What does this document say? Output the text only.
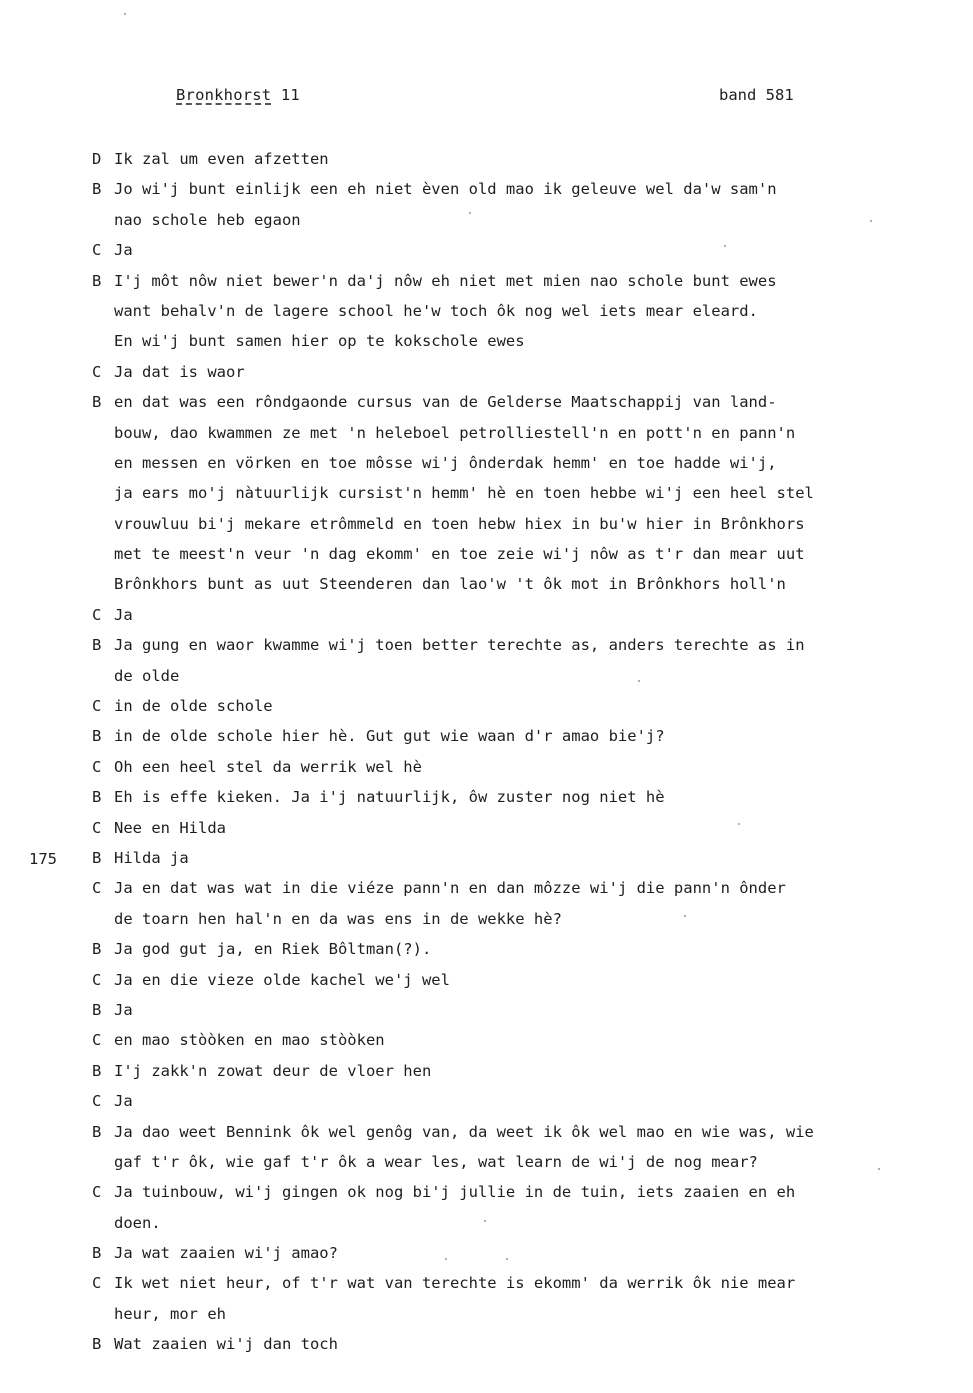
Bronkhorst 11	band 581
175
D Ik zal um even afzetten
B Jo wi'j bunt einlijk een eh niet èven old mao ik geleuve wel da'w sam'n
nao schole heb egaon
C Ja
B I'j môt nôw niet bewer'n da'j nôw eh niet met mien nao schole bunt ewes
want behalv'n de lagere school he'w toch ôk nog wel iets mear eleard.
En wi'j bunt samen hier op te kokschole ewes
C Ja dat is waor
B en dat was een rôndgaonde cursus van de Gelderse Maatschappij van land-
bouw, dao kwammen ze met 'n heleboel petrolliestell'n en pott'n en pann'n
en messen en vörken en toe môsse wi'j ônderdak hemm' en toe hadde wi'j,
ja ears mo'j nàtuurlijk cursist'n hemm' hè en toen hebbe wi'j een heel stel
vrouwluu bi'j mekare etrômmeld en toen hebw hiex in bu'w hier in Brônkhors
met te meest'n veur 'n dag ekomm' en toe zeie wi'j nôw as t'r dan mear uut
Brônkhors bunt as uut Steenderen dan lao'w 't ôk mot in Brônkhors holl'n
C Ja
B Ja gung en waor kwamme wi'j toen better terechte as, anders terechte as in
de olde
C in de olde schole
B in de olde schole hier hè. Gut gut wie waan d'r amao bie'j?
C Oh een heel stel da werrik wel hè
B Eh is effe kieken. Ja i'j natuurlijk, ôw zuster nog niet hè
C Nee en Hilda
B Hilda ja
C Ja en dat was wat in die viéze pann'n en dan môzze wi'j die pann'n ônder
de toarn hen hal'n en da was ens in de wekke hè?
B Ja god gut ja, en Riek Bôltman(?).
C Ja en die vieze olde kachel we'j wel
B Ja
C en mao stòòken en mao stòòken
B I'j zakk'n zowat deur de vloer hen
C Ja
B Ja dao weet Bennink ôk wel genôg van, da weet ik ôk wel mao en wie was, wie
gaf t'r ôk, wie gaf t'r ôk a wear les, wat learn de wi'j de nog mear?
C Ja tuinbouw, wi'j gingen ok nog bi'j jullie in de tuin, iets zaaien en eh
doen.
B Ja wat zaaien wi'j amao?
C Ik wet niet heur, of t'r wat van terechte is ekomm' da werrik ôk nie mear
heur, mor eh
B Wat zaaien wi'j dan toch
